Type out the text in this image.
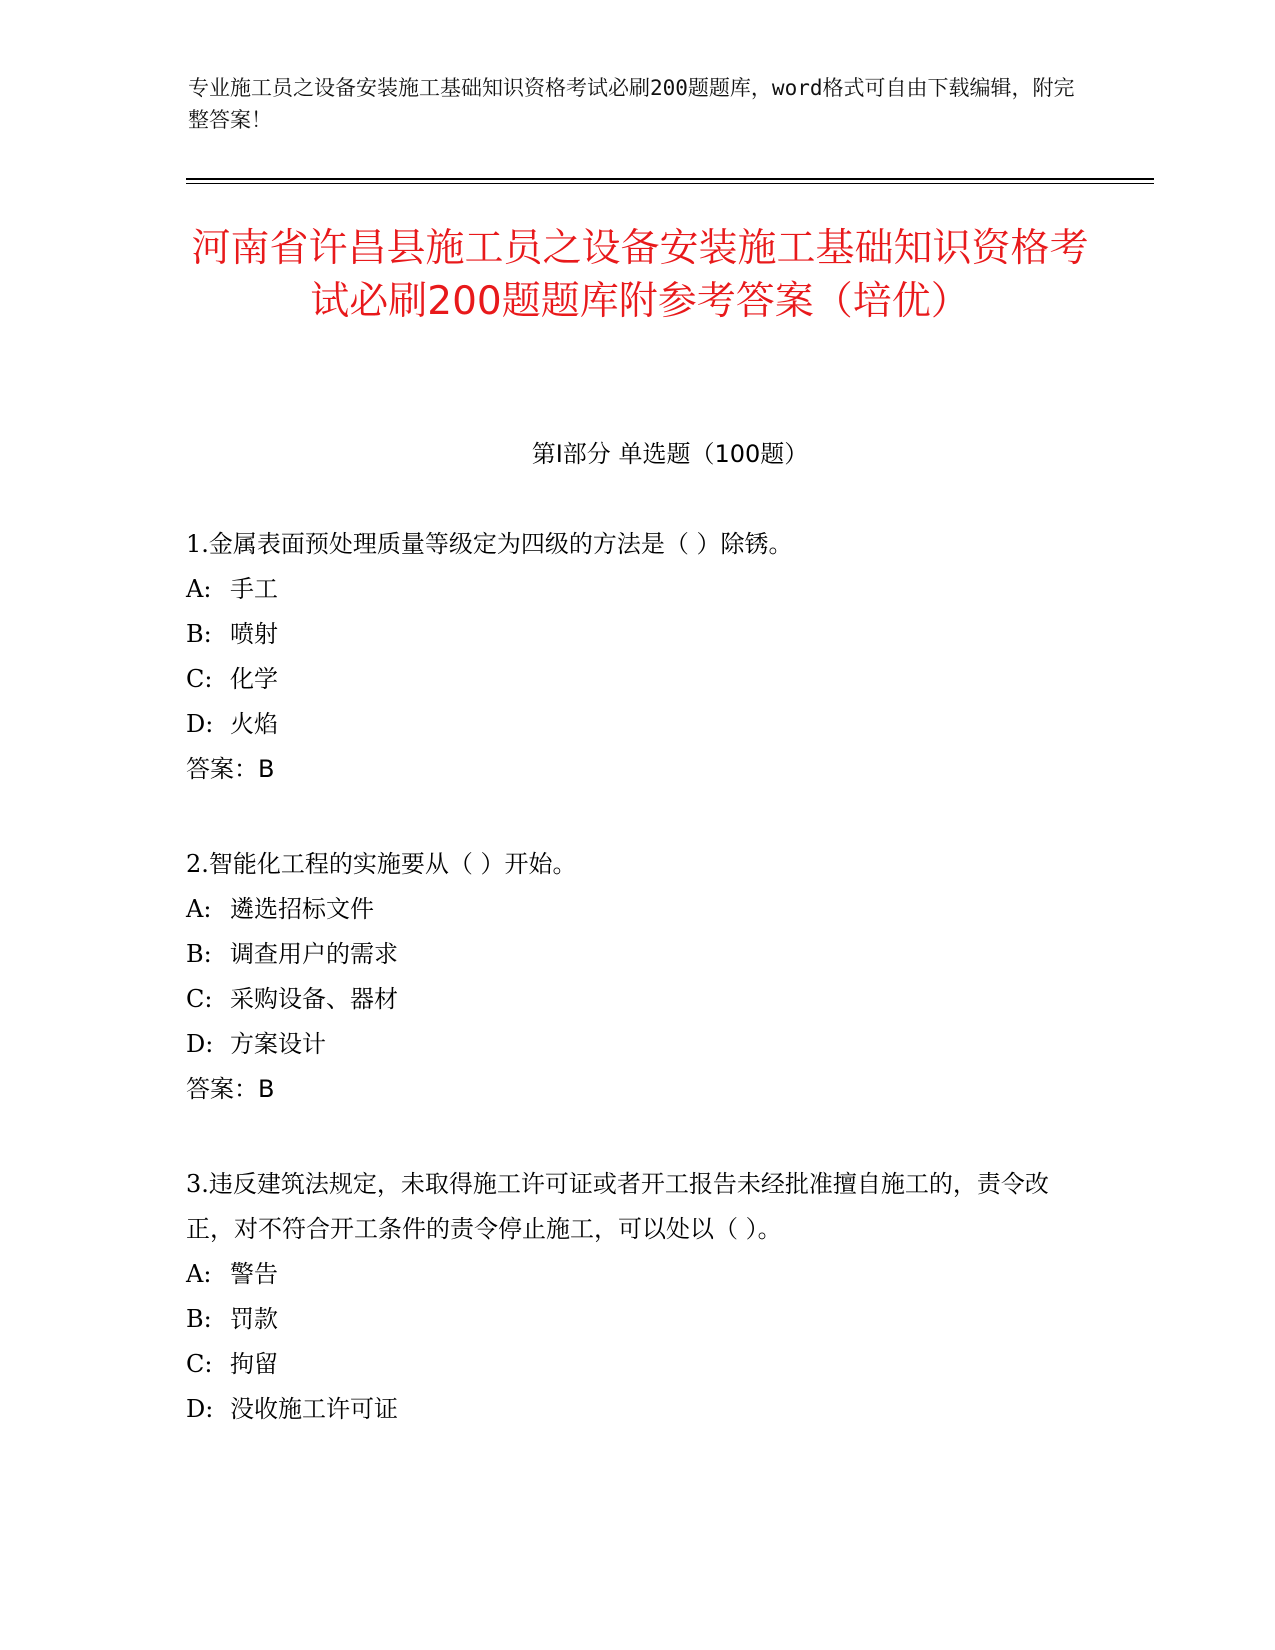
专业施工员之设备安装施工基础知识资格考试必刷200题题库，word格式可自由下载编辑，附完整答案！
河南省许昌县施工员之设备安装施工基础知识资格考试必刷200题题库附参考答案（培优）
第Ⅰ部分 单选题（100题）

1.金属表面预处理质量等级定为四级的方法是（ ）除锈。

A: 手工

B: 喷射

C: 化学

D: 火焰

答案：B

2.智能化工程的实施要从（ ）开始。

A: 遴选招标文件

B: 调查用户的需求

C: 采购设备、器材

D: 方案设计

答案：B

3.违反建筑法规定，未取得施工许可证或者开工报告未经批准擅自施工的，责令改正，对不符合开工条件的责令停止施工，可以处以（ ）。

A: 警告

B: 罚款

C: 拘留

D: 没收施工许可证
